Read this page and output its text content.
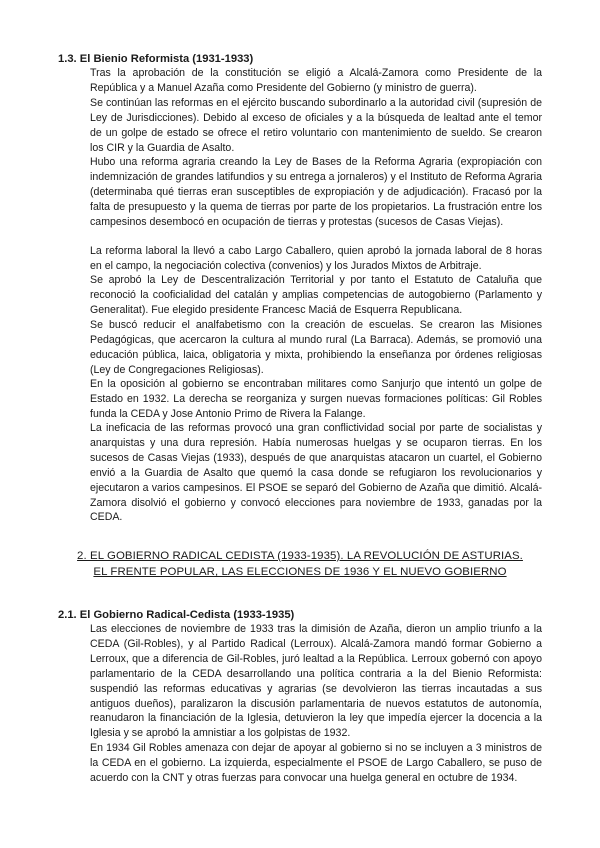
1.3. El Bienio Reformista (1931-1933)

Tras la aprobación de la constitución se eligió a Alcalá-Zamora como Presidente de la República y a Manuel Azaña como Presidente del Gobierno (y ministro de guerra).

Se continúan las reformas en el ejército buscando subordinarlo a la autoridad civil (supresión de Ley de Jurisdicciones). Debido al exceso de oficiales y a la búsqueda de lealtad ante el temor de un golpe de estado se ofrece el retiro voluntario con mantenimiento de sueldo. Se crearon los CIR y la Guardia de Asalto.

Hubo una reforma agraria creando la Ley de Bases de la Reforma Agraria (expropiación con indemnización de grandes latifundios y su entrega a jornaleros) y el Instituto de Reforma Agraria (determinaba qué tierras eran susceptibles de expropiación y de adjudicación). Fracasó por la falta de presupuesto y la quema de tierras por parte de los propietarios. La frustración entre los campesinos desembocó en ocupación de tierras y protestas (sucesos de Casas Viejas).

La reforma laboral la llevó a cabo Largo Caballero, quien aprobó la jornada laboral de 8 horas en el campo, la negociación colectiva (convenios) y los Jurados Mixtos de Arbitraje.

Se aprobó la Ley de Descentralización Territorial y por tanto el Estatuto de Cataluña que reconoció la cooficialidad del catalán y amplias competencias de autogobierno (Parlamento y Generalitat). Fue elegido presidente Francesc Maciá de Esquerra Republicana.

Se buscó reducir el analfabetismo con la creación de escuelas. Se crearon las Misiones Pedagógicas, que acercaron la cultura al mundo rural (La Barraca). Además, se promovió una educación pública, laica, obligatoria y mixta, prohibiendo la enseñanza por órdenes religiosas (Ley de Congregaciones Religiosas).

En la oposición al gobierno se encontraban militares como Sanjurjo que intentó un golpe de Estado en 1932. La derecha se reorganiza y surgen nuevas formaciones políticas: Gil Robles funda la CEDA y Jose Antonio Primo de Rivera la Falange.

La ineficacia de las reformas provocó una gran conflictividad social por parte de socialistas y anarquistas y una dura represión. Había numerosas huelgas y se ocuparon tierras. En los sucesos de Casas Viejas (1933), después de que anarquistas atacaron un cuartel, el Gobierno envió a la Guardia de Asalto que quemó la casa donde se refugiaron los revolucionarios y ejecutaron a varios campesinos. El PSOE se separó del Gobierno de Azaña que dimitió. Alcalá-Zamora disolvió el gobierno y convocó elecciones para noviembre de 1933, ganadas por la CEDA.

2. EL GOBIERNO RADICAL CEDISTA (1933-1935). LA REVOLUCIÓN DE ASTURIAS.
EL FRENTE POPULAR, LAS ELECCIONES DE 1936 Y EL NUEVO GOBIERNO
2.1. El Gobierno Radical-Cedista (1933-1935)

Las elecciones de noviembre de 1933 tras la dimisión de Azaña, dieron un amplio triunfo a la CEDA (Gil-Robles), y al Partido Radical (Lerroux). Alcalá-Zamora mandó formar Gobierno a Lerroux, que a diferencia de Gil-Robles, juró lealtad a la República. Lerroux gobernó con apoyo parlamentario de la CEDA desarrollando una política contraria a la del Bienio Reformista: suspendió las reformas educativas y agrarias (se devolvieron las tierras incautadas a sus antiguos dueños), paralizaron la discusión parlamentaria de nuevos estatutos de autonomía, reanudaron la financiación de la Iglesia, detuvieron la ley que impedía ejercer la docencia a la Iglesia y se aprobó la amnistiar a los golpistas de 1932.

En 1934 Gil Robles amenaza con dejar de apoyar al gobierno si no se incluyen a 3 ministros de la CEDA en el gobierno. La izquierda, especialmente el PSOE de Largo Caballero, se puso de acuerdo con la CNT y otras fuerzas para convocar una huelga general en octubre de 1934.
